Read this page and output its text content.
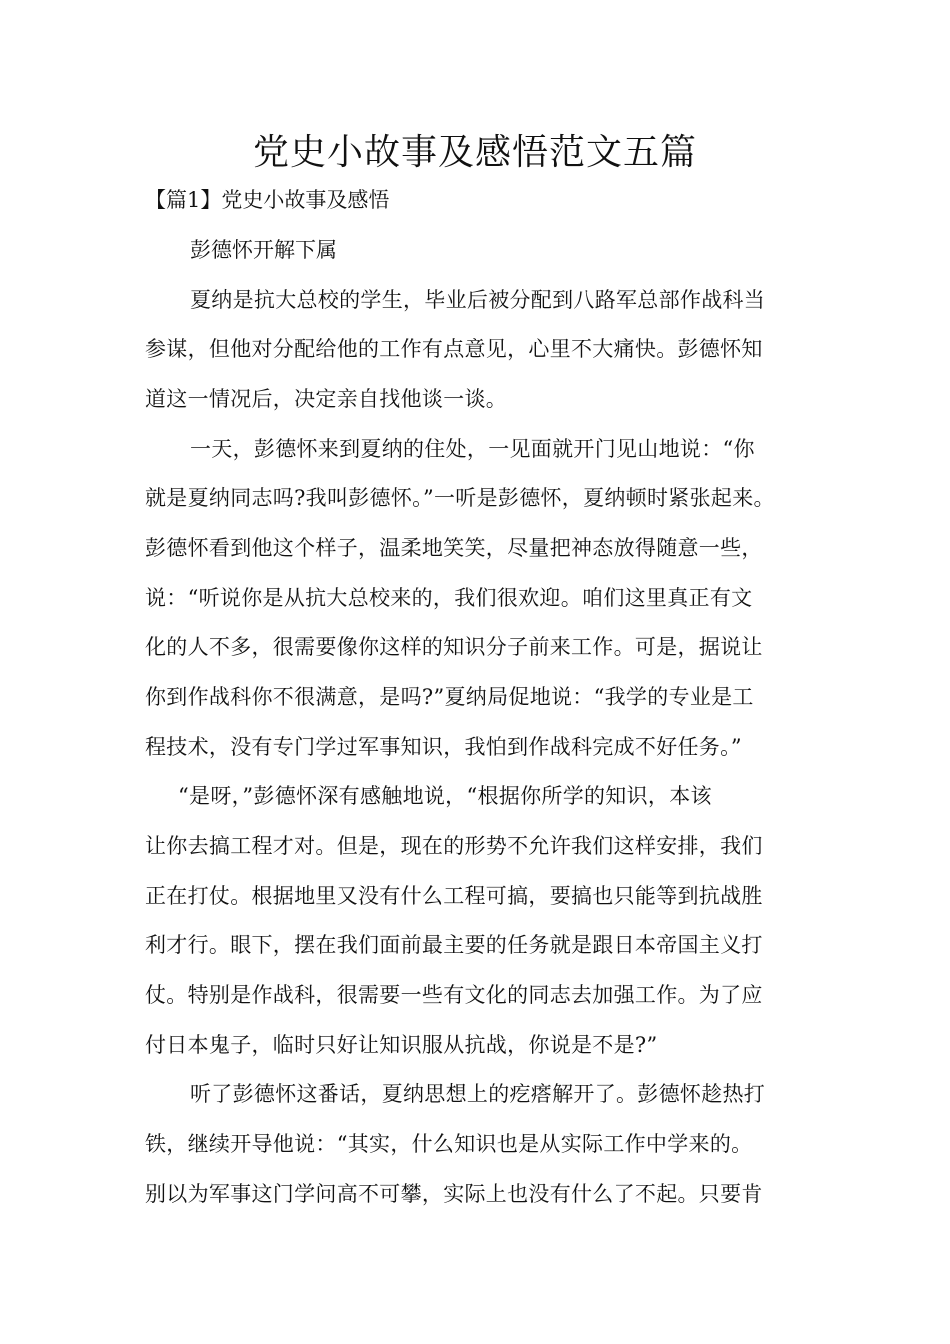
党史小故事及感悟范文五篇
【篇1】党史小故事及感悟

彭德怀开解下属

夏纳是抗大总校的学生，毕业后被分配到八路军总部作战科当

参谋，但他对分配给他的工作有点意见，心里不大痛快。彭德怀知

道这一情况后，决定亲自找他谈一谈。

一天，彭德怀来到夏纳的住处，一见面就开门见山地说：“你

就是夏纳同志吗?我叫彭德怀。”一听是彭德怀，夏纳顿时紧张起来。

彭德怀看到他这个样子，温柔地笑笑，尽量把神态放得随意一些，

说：“听说你是从抗大总校来的，我们很欢迎。咱们这里真正有文

化的人不多，很需要像你这样的知识分子前来工作。可是，据说让

你到作战科你不很满意，是吗?”夏纳局促地说：“我学的专业是工

程技术，没有专门学过军事知识，我怕到作战科完成不好任务。”

“是呀，”彭德怀深有感触地说，“根据你所学的知识，本该

让你去搞工程才对。但是，现在的形势不允许我们这样安排，我们

正在打仗。根据地里又没有什么工程可搞，要搞也只能等到抗战胜

利才行。眼下，摆在我们面前最主要的任务就是跟日本帝国主义打

仗。特别是作战科，很需要一些有文化的同志去加强工作。为了应

付日本鬼子，临时只好让知识服从抗战，你说是不是?”

听了彭德怀这番话，夏纳思想上的疙瘩解开了。彭德怀趁热打

铁，继续开导他说：“其实，什么知识也是从实际工作中学来的。

别以为军事这门学问高不可攀，实际上也没有什么了不起。只要肯
